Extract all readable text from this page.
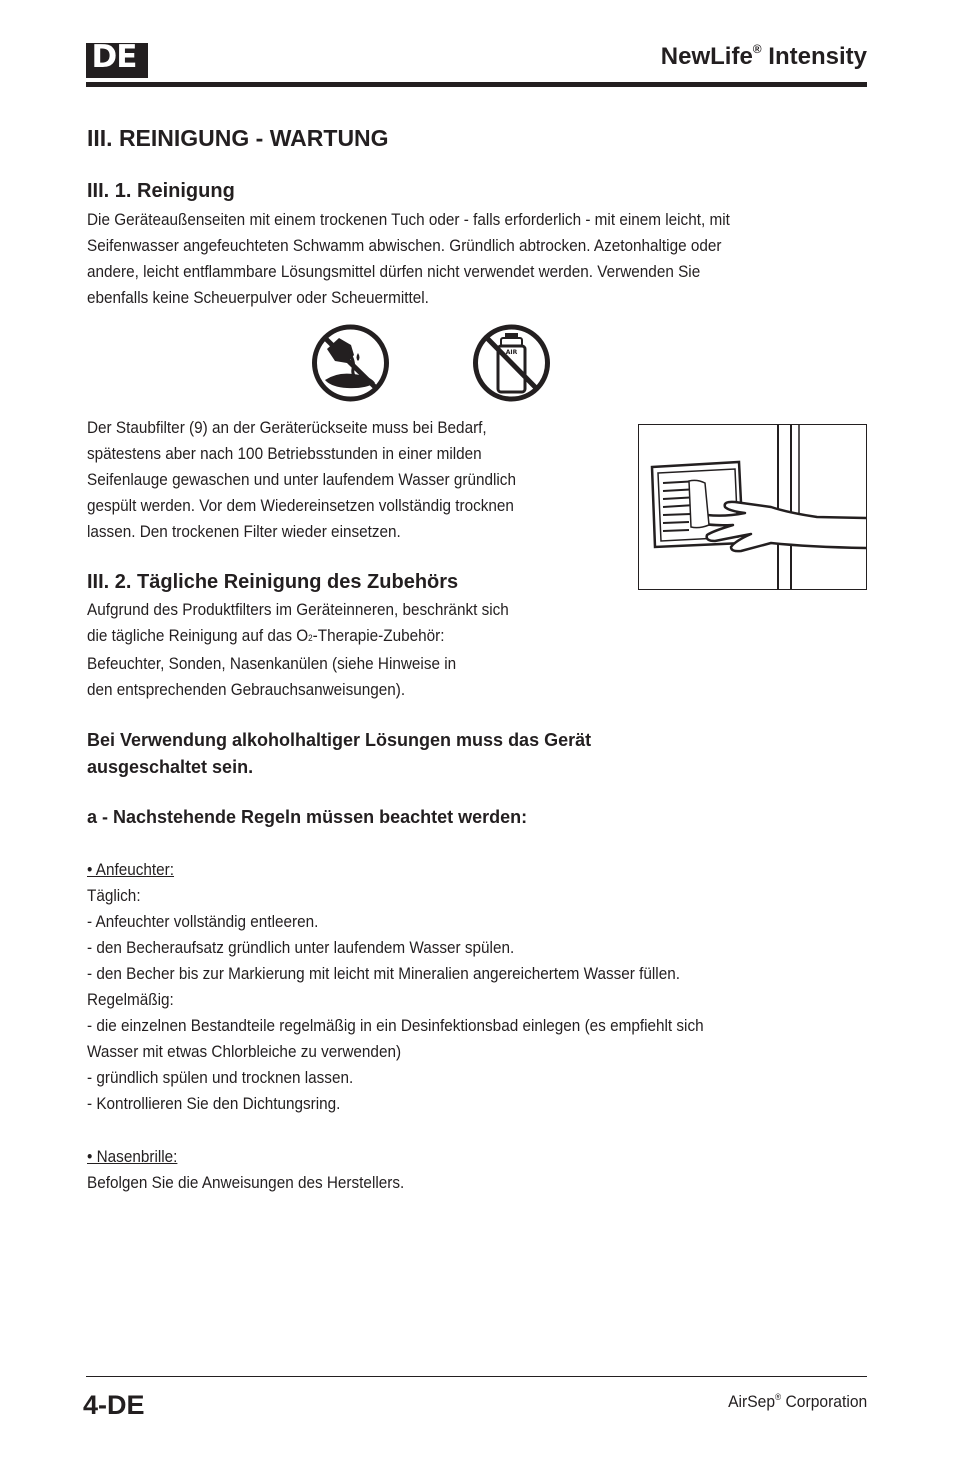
DE	NewLife® Intensity
III. REINIGUNG - WARTUNG
III. 1. Reinigung

Die Geräteaußenseiten mit einem trockenen Tuch oder - falls erforderlich - mit einem leicht, mit

Seifenwasser angefeuchteten Schwamm abwischen. Gründlich abtrocken. Azetonhaltige oder

andere, leicht entflammbare Lösungsmittel dürfen nicht verwendet werden. Verwenden Sie

ebenfalls keine Scheuerpulver oder Scheuermittel.

AIR

Der Staubfilter (9) an der Geräterückseite muss bei Bedarf,

spätestens aber nach 100 Betriebsstunden in einer milden

Seifenlauge gewaschen und unter laufendem Wasser gründlich

gespült werden. Vor dem Wiedereinsetzen vollständig trocknen

lassen. Den trockenen Filter wieder einsetzen.

III. 2. Tägliche Reinigung des Zubehörs

Aufgrund des Produktfilters im Geräteinneren, beschränkt sich

die tägliche Reinigung auf das O2-Therapie-Zubehör:

Befeuchter, Sonden, Nasenkanülen (siehe Hinweise in

den entsprechenden Gebrauchsanweisungen).

Bei Verwendung alkoholhaltiger Lösungen muss das Gerät
ausgeschaltet sein.
a - Nachstehende Regeln müssen beachtet werden:

• Anfeuchter:

Täglich:

- Anfeuchter vollständig entleeren.

- den Becheraufsatz gründlich unter laufendem Wasser spülen.

- den Becher bis zur Markierung mit leicht mit Mineralien angereichertem Wasser füllen.

Regelmäßig:

- die einzelnen Bestandteile regelmäßig in ein Desinfektionsbad einlegen (es empfiehlt sich

Wasser mit etwas Chlorbleiche zu verwenden)

- gründlich spülen und trocknen lassen.

- Kontrollieren Sie den Dichtungsring.

• Nasenbrille:

Befolgen Sie die Anweisungen des Herstellers.

4-DE	AirSep® Corporation
